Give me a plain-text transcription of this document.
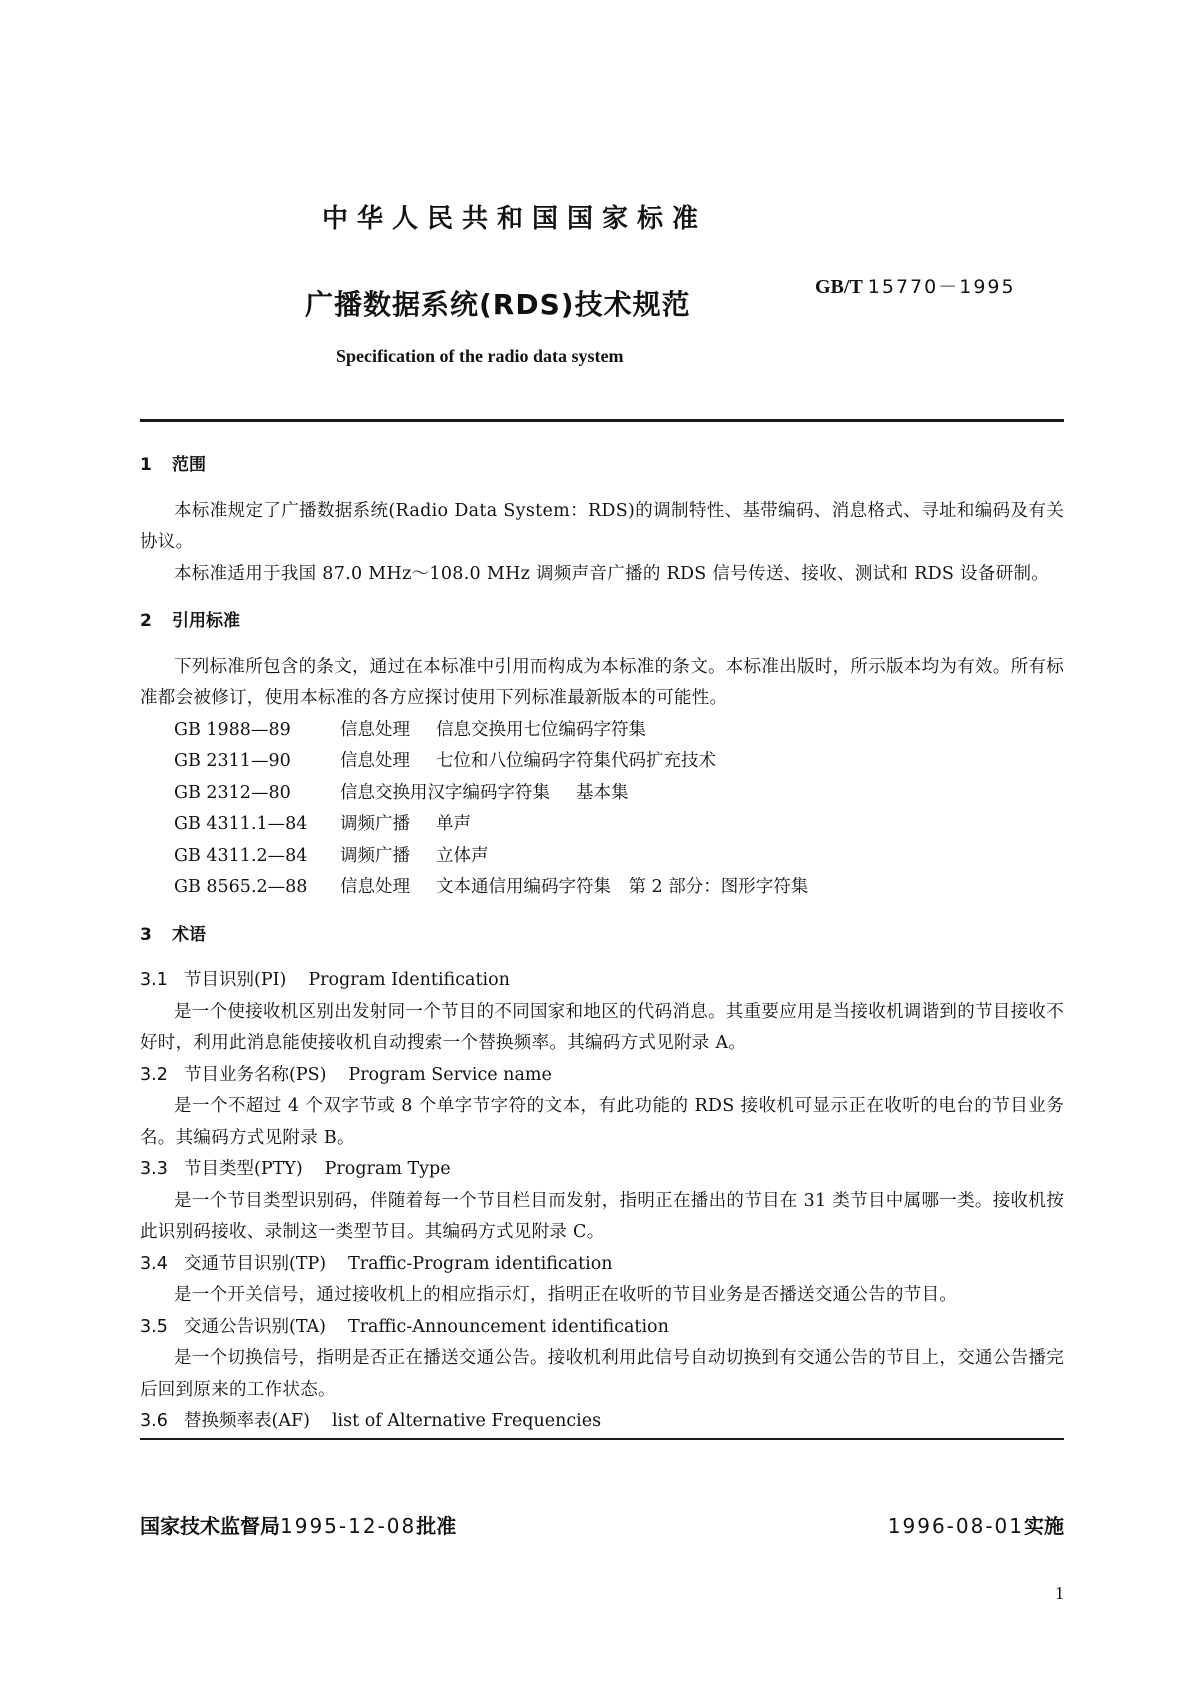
中华人民共和国国家标准
广播数据系统(RDS)技术规范
GB/T 15770－1995
Specification of the radio data system
1 范围

本标准规定了广播数据系统(Radio Data System：RDS)的调制特性、基带编码、消息格式、寻址和编码及有关协议。

本标准适用于我国 87.0 MHz～108.0 MHz 调频声音广播的 RDS 信号传送、接收、测试和 RDS 设备研制。

2 引用标准

下列标准所包含的条文，通过在本标准中引用而构成为本标准的条文。本标准出版时，所示版本均为有效。所有标准都会被修订，使用本标准的各方应探讨使用下列标准最新版本的可能性。

GB 1988—89	信息处理 信息交换用七位编码字符集
GB 2311—90	信息处理 七位和八位编码字符集代码扩充技术
GB 2312—80	信息交换用汉字编码字符集 基本集
GB 4311.1—84 调频广播 单声
GB 4311.2—84 调频广播 立体声
GB 8565.2—88 信息处理 文本通信用编码字符集　第 2 部分：图形字符集
3 术语

3.1 节目识别(PI) Program Identification

是一个使接收机区别出发射同一个节目的不同国家和地区的代码消息。其重要应用是当接收机调谐到的节目接收不好时，利用此消息能使接收机自动搜索一个替换频率。其编码方式见附录 A。

3.2 节目业务名称(PS) Program Service name

是一个不超过 4 个双字节或 8 个单字节字符的文本，有此功能的 RDS 接收机可显示正在收听的电台的节目业务名。其编码方式见附录 B。

3.3 节目类型(PTY) Program Type

是一个节目类型识别码，伴随着每一个节目栏目而发射，指明正在播出的节目在 31 类节目中属哪一类。接收机按此识别码接收、录制这一类型节目。其编码方式见附录 C。

3.4 交通节目识别(TP) Traffic-Program identification

是一个开关信号，通过接收机上的相应指示灯，指明正在收听的节目业务是否播送交通公告的节目。

3.5 交通公告识别(TA) Traffic-Announcement identification

是一个切换信号，指明是否正在播送交通公告。接收机利用此信号自动切换到有交通公告的节目上，交通公告播完后回到原来的工作状态。

3.6 替换频率表(AF) list of Alternative Frequencies

国家技术监督局1995-12-08批准	1996-08-01实施
1
